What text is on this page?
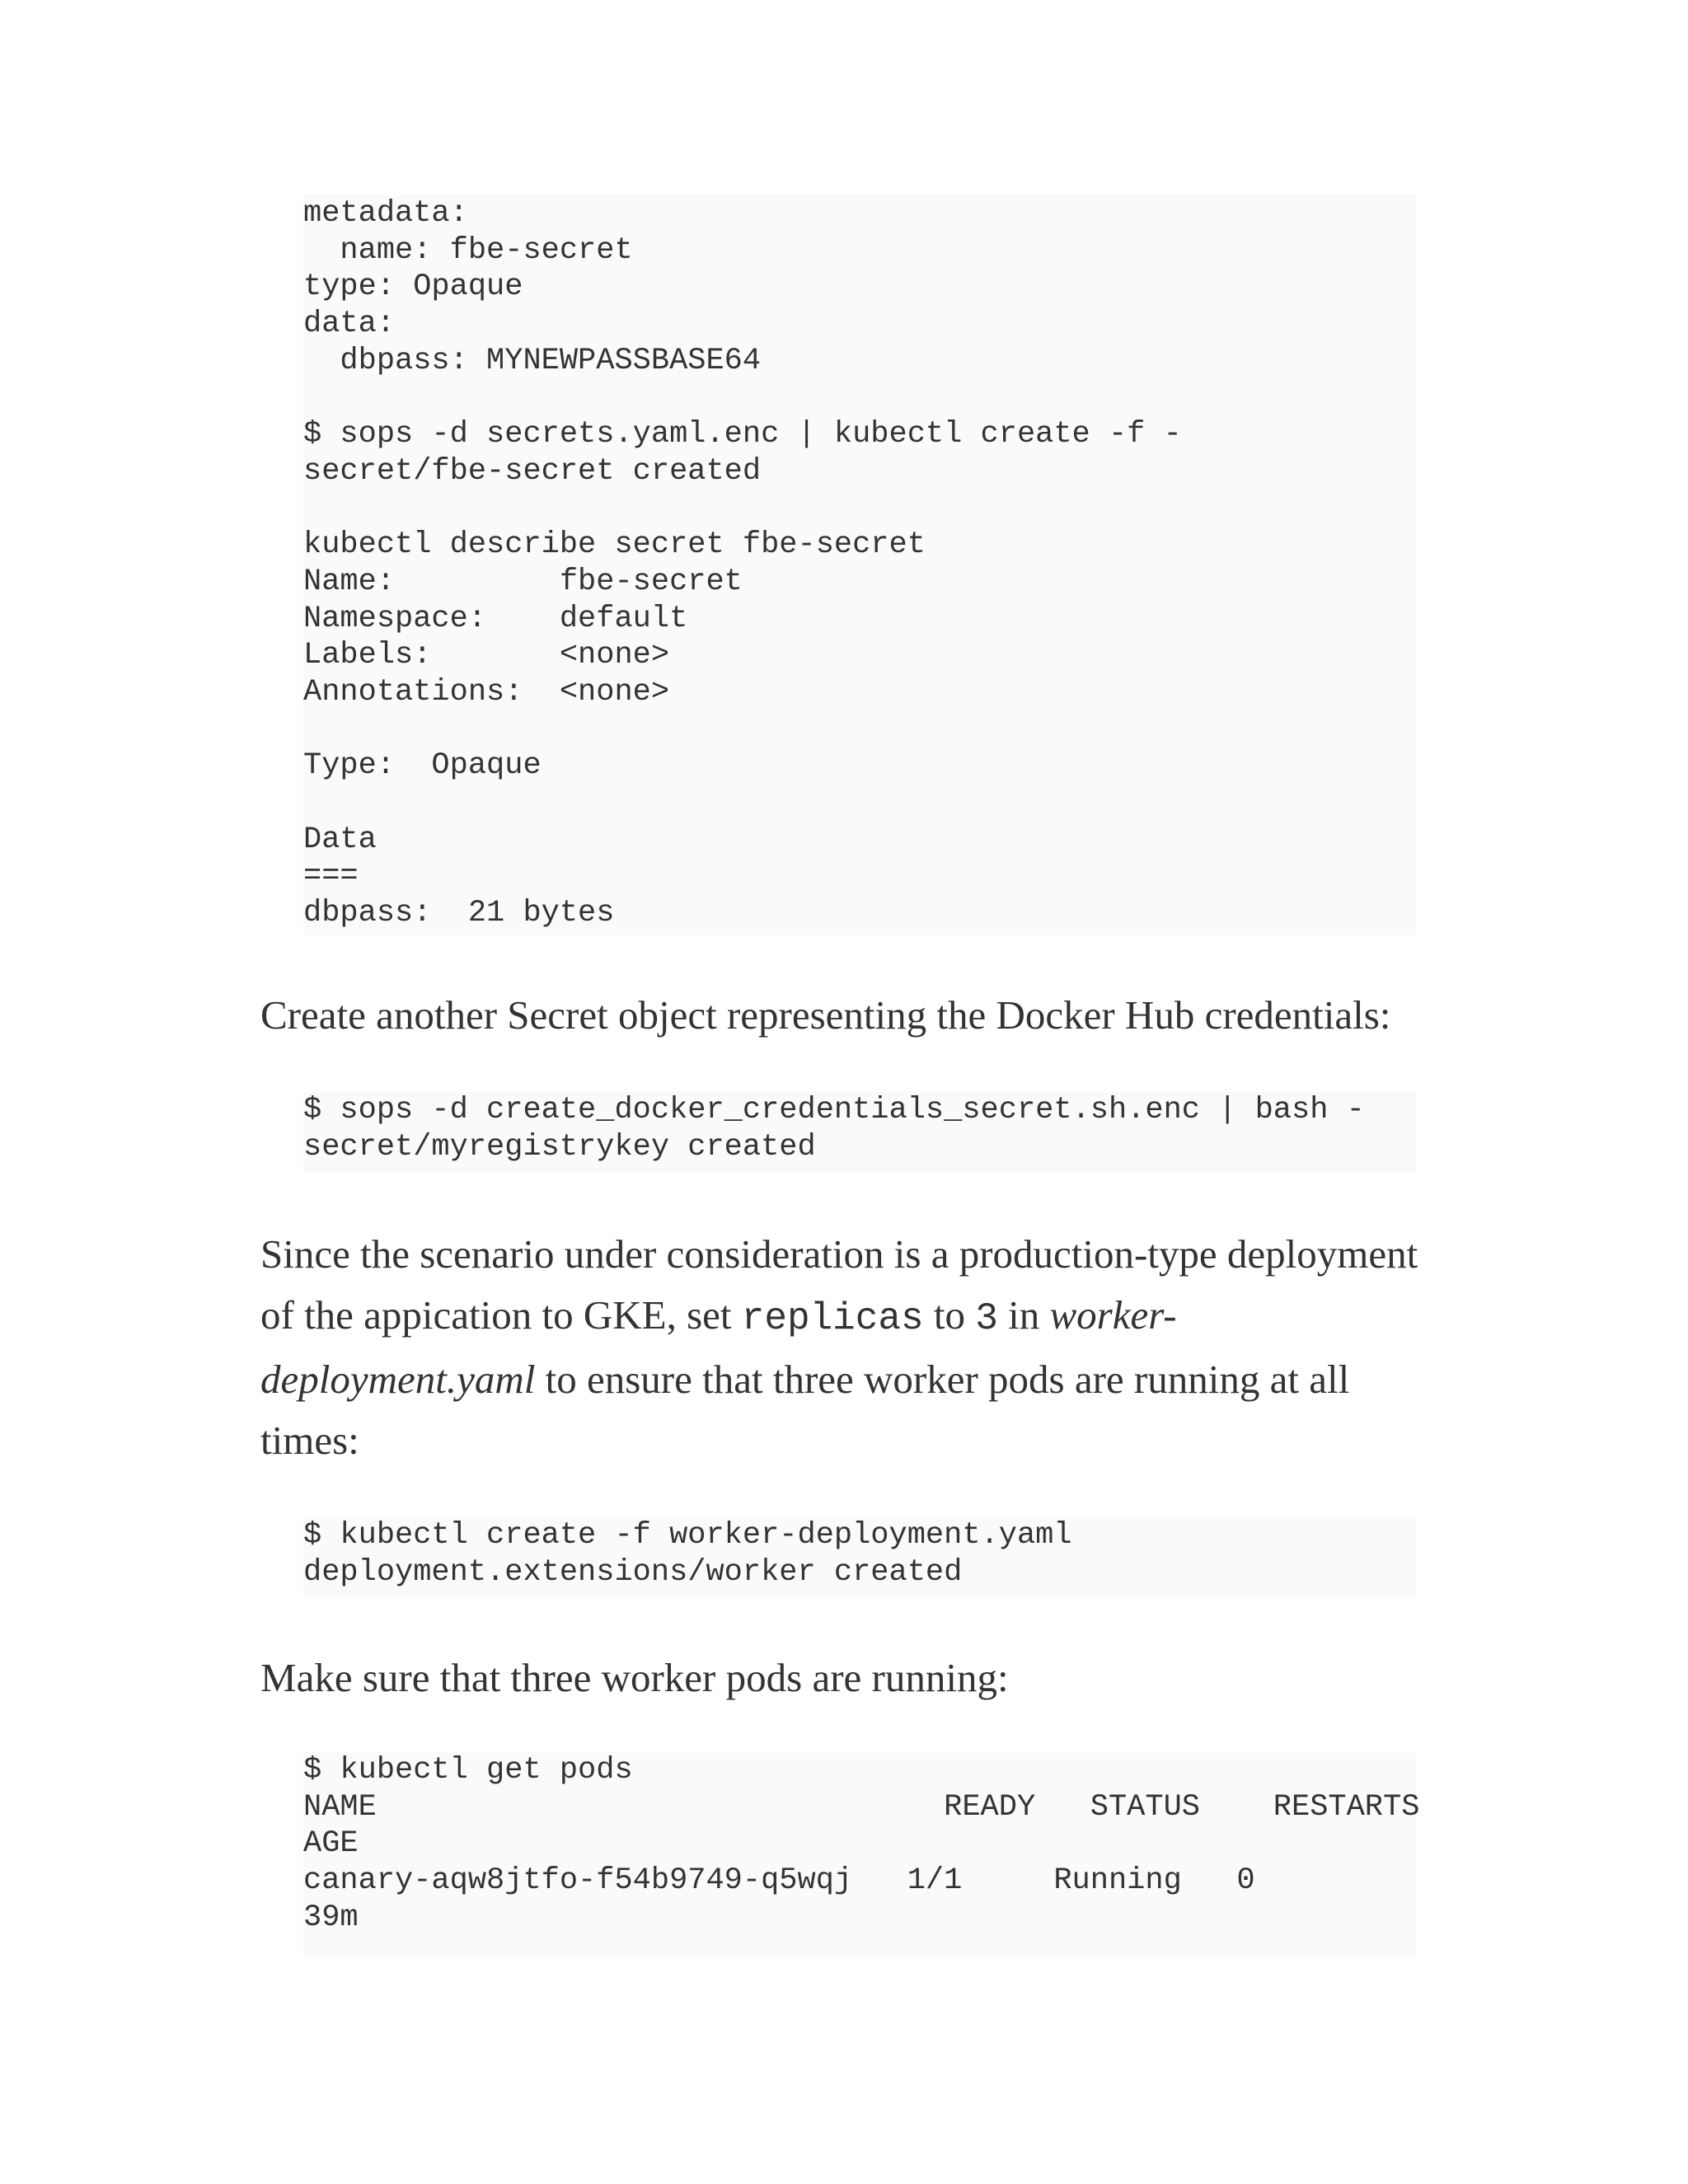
metadata:
name: fbe-secret
type: Opaque
data:
dbpass: MYNEWPASSBASE64
$ sops -d secrets.yaml.enc | kubectl create -f -
secret/fbe-secret created
kubectl describe secret fbe-secret
Name:         fbe-secret
Namespace:    default
Labels:       <none>
Annotations:  <none>
Type:  Opaque
Data
===
dbpass:  21 bytes

Create another Secret object representing the Docker Hub credentials:

$ sops -d create_docker_credentials_secret.sh.enc | bash -
secret/myregistrykey created

Since the scenario under consideration is a production-type deployment of the appication to GKE, set replicas to 3 in worker-deployment.yaml to ensure that three worker pods are running at all times:

$ kubectl create -f worker-deployment.yaml
deployment.extensions/worker created

Make sure that three worker pods are running:

$ kubectl get pods
NAME                               READY   STATUS    RESTARTS
AGE
canary-aqw8jtfo-f54b9749-q5wqj   1/1     Running   0
39m
